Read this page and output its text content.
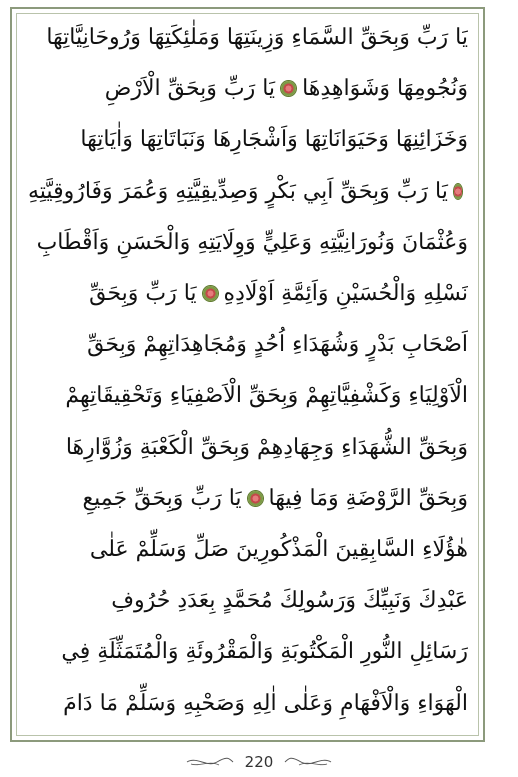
يَا رَبِّ وَبِحَقِّ السَّمَاءِ وَزِينَتِهَا وَمَلٰئِكَتِهَا وَرُوحَانِيَّاتِهَا
وَنُجُومِهَا وَشَوَاهِدِهَا
يَا رَبِّ وَبِحَقِّ الْاَرْضِ
وَخَزَائِنِهَا وَحَيَوَانَاتِهَا وَاَشْجَارِهَا وَنَبَاتَاتِهَا وَاٰيَاتِهَا
يَا رَبِّ وَبِحَقِّ اَبِي بَكْرٍ وَصِدِّيقِيَّتِهِ وَعُمَرَ وَفَارُوقِيَّتِهِ
وَعُثْمَانَ وَنُورَانِيَّتِهِ وَعَلِيٍّ وَوِلَايَتِهِ وَالْحَسَنِ وَاَقْطَابِ
نَسْلِهِ وَالْحُسَيْنِ وَاَئِمَّةِ اَوْلَادِهِ
يَا رَبِّ وَبِحَقِّ
اَصْحَابِ بَدْرٍ وَشُهَدَاءِ اُحُدٍ وَمُجَاهِدَاتِهِمْ وَبِحَقِّ
الْاَوْلِيَاءِ وَكَشْفِيَّاتِهِمْ وَبِحَقِّ الْاَصْفِيَاءِ وَتَحْقِيقَاتِهِمْ
وَبِحَقِّ الشُّهَدَاءِ وَجِهَادِهِمْ وَبِحَقِّ الْكَعْبَةِ وَزُوَّارِهَا
وَبِحَقِّ الرَّوْضَةِ وَمَا فِيهَا
يَا رَبِّ وَبِحَقِّ جَمِيعِ
هٰؤُلَاءِ السَّابِقِينَ الْمَذْكُورِينَ صَلِّ وَسَلِّمْ عَلٰى
عَبْدِكَ وَنَبِيِّكَ وَرَسُولِكَ مُحَمَّدٍ بِعَدَدِ حُرُوفِ
رَسَائِلِ النُّورِ الْمَكْتُوبَةِ وَالْمَقْرُوئَةِ وَالْمُتَمَثِّلَةِ فِي
الْهَوَاءِ وَالْاَفْهَامِ وَعَلٰى اٰلِهِ وَصَحْبِهِ وَسَلِّمْ مَا دَامَ
220
